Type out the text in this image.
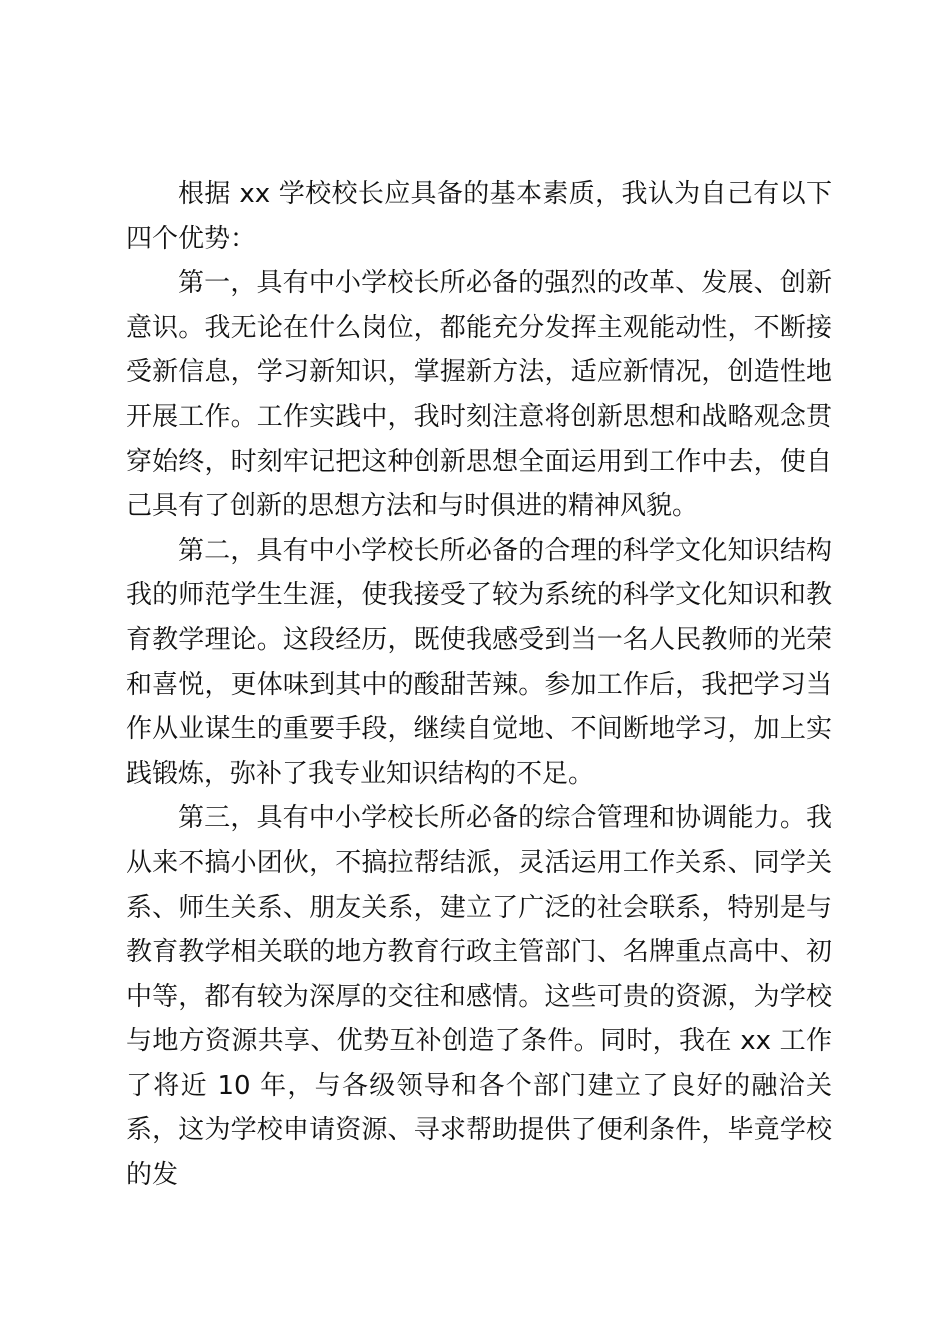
根据 xx 学校校长应具备的基本素质，我认为自己有以下四个优势：

第一，具有中小学校长所必备的强烈的改革、发展、创新意识。我无论在什么岗位，都能充分发挥主观能动性，不断接受新信息，学习新知识，掌握新方法，适应新情况，创造性地开展工作。工作实践中，我时刻注意将创新思想和战略观念贯穿始终，时刻牢记把这种创新思想全面运用到工作中去，使自己具有了创新的思想方法和与时俱进的精神风貌。

第二，具有中小学校长所必备的合理的科学文化知识结构我的师范学生生涯，使我接受了较为系统的科学文化知识和教育教学理论。这段经历，既使我感受到当一名人民教师的光荣和喜悦，更体味到其中的酸甜苦辣。参加工作后，我把学习当作从业谋生的重要手段，继续自觉地、不间断地学习，加上实践锻炼，弥补了我专业知识结构的不足。

第三，具有中小学校长所必备的综合管理和协调能力。我从来不搞小团伙，不搞拉帮结派，灵活运用工作关系、同学关系、师生关系、朋友关系，建立了广泛的社会联系，特别是与教育教学相关联的地方教育行政主管部门、名牌重点高中、初中等，都有较为深厚的交往和感情。这些可贵的资源，为学校与地方资源共享、优势互补创造了条件。同时，我在 xx 工作了将近 10 年，与各级领导和各个部门建立了良好的融洽关系，这为学校申请资源、寻求帮助提供了便利条件，毕竟学校的发
